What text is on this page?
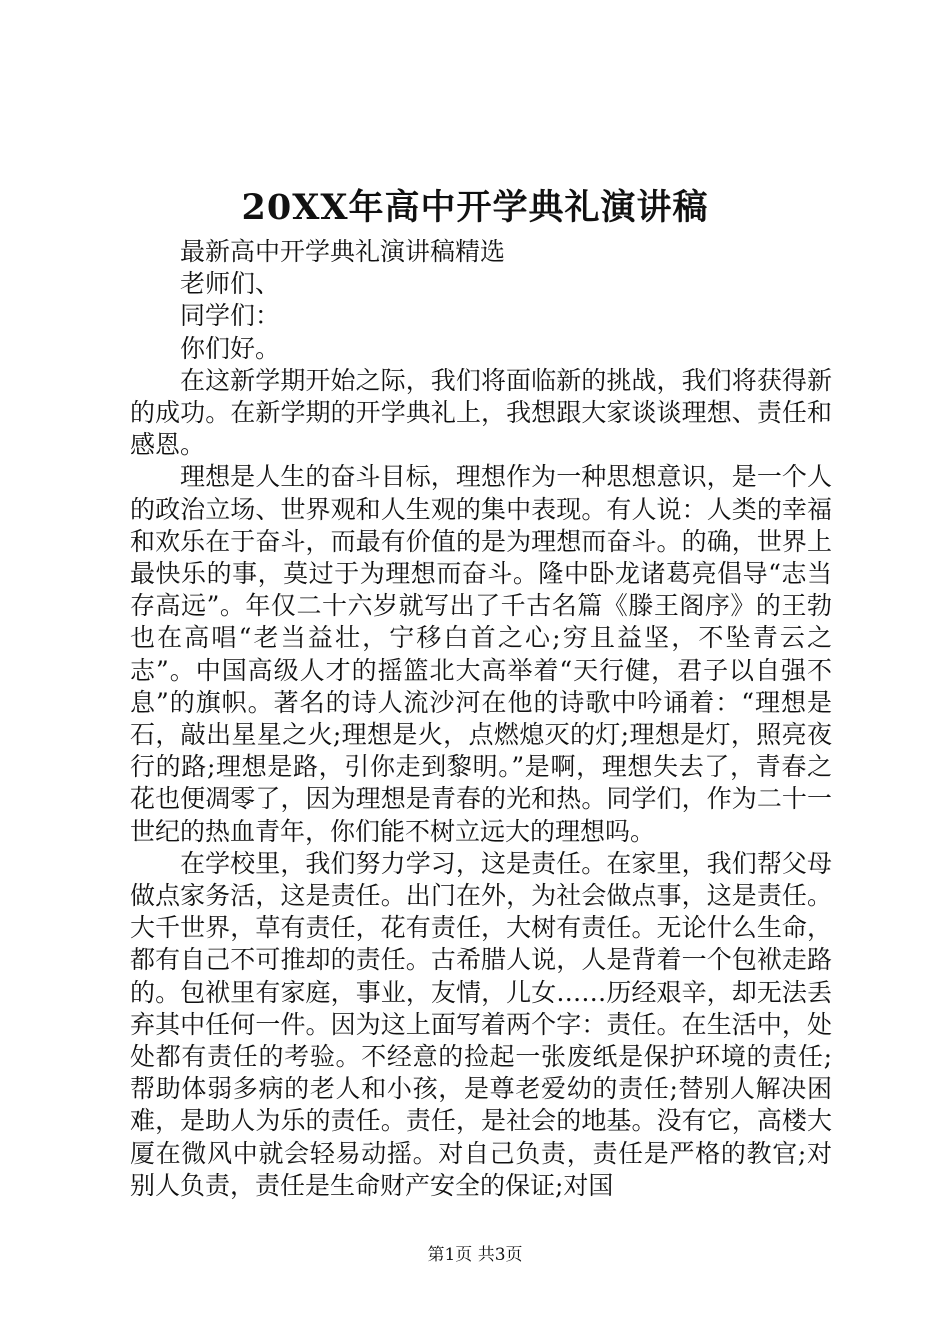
20XX年高中开学典礼演讲稿

最新高中开学典礼演讲稿精选

老师们、

同学们：

你们好。

在这新学期开始之际，我们将面临新的挑战，我们将获得新的成功。在新学期的开学典礼上，我想跟大家谈谈理想、责任和感恩。

理想是人生的奋斗目标，理想作为一种思想意识，是一个人的政治立场、世界观和人生观的集中表现。有人说：人类的幸福和欢乐在于奋斗，而最有价值的是为理想而奋斗。的确，世界上最快乐的事，莫过于为理想而奋斗。隆中卧龙诸葛亮倡导“志当存高远”。年仅二十六岁就写出了千古名篇《滕王阁序》的王勃也在高唱“老当益壮，宁移白首之心;穷且益坚，不坠青云之志”。中国高级人才的摇篮北大高举着“天行健，君子以自强不息”的旗帜。著名的诗人流沙河在他的诗歌中吟诵着：“理想是石，敲出星星之火;理想是火，点燃熄灭的灯;理想是灯，照亮夜行的路;理想是路，引你走到黎明。”是啊，理想失去了，青春之花也便凋零了，因为理想是青春的光和热。同学们，作为二十一世纪的热血青年，你们能不树立远大的理想吗。

在学校里，我们努力学习，这是责任。在家里，我们帮父母做点家务活，这是责任。出门在外，为社会做点事，这是责任。大千世界，草有责任，花有责任，大树有责任。无论什么生命，都有自己不可推却的责任。古希腊人说，人是背着一个包袱走路的。包袱里有家庭，事业，友情，儿女……历经艰辛，却无法丢弃其中任何一件。因为这上面写着两个字：责任。在生活中，处处都有责任的考验。不经意的捡起一张废纸是保护环境的责任;帮助体弱多病的老人和小孩，是尊老爱幼的责任;替别人解决困难，是助人为乐的责任。责任，是社会的地基。没有它，高楼大厦在微风中就会轻易动摇。对自己负责，责任是严格的教官;对别人负责，责任是生命财产安全的保证;对国

第1页 共3页
